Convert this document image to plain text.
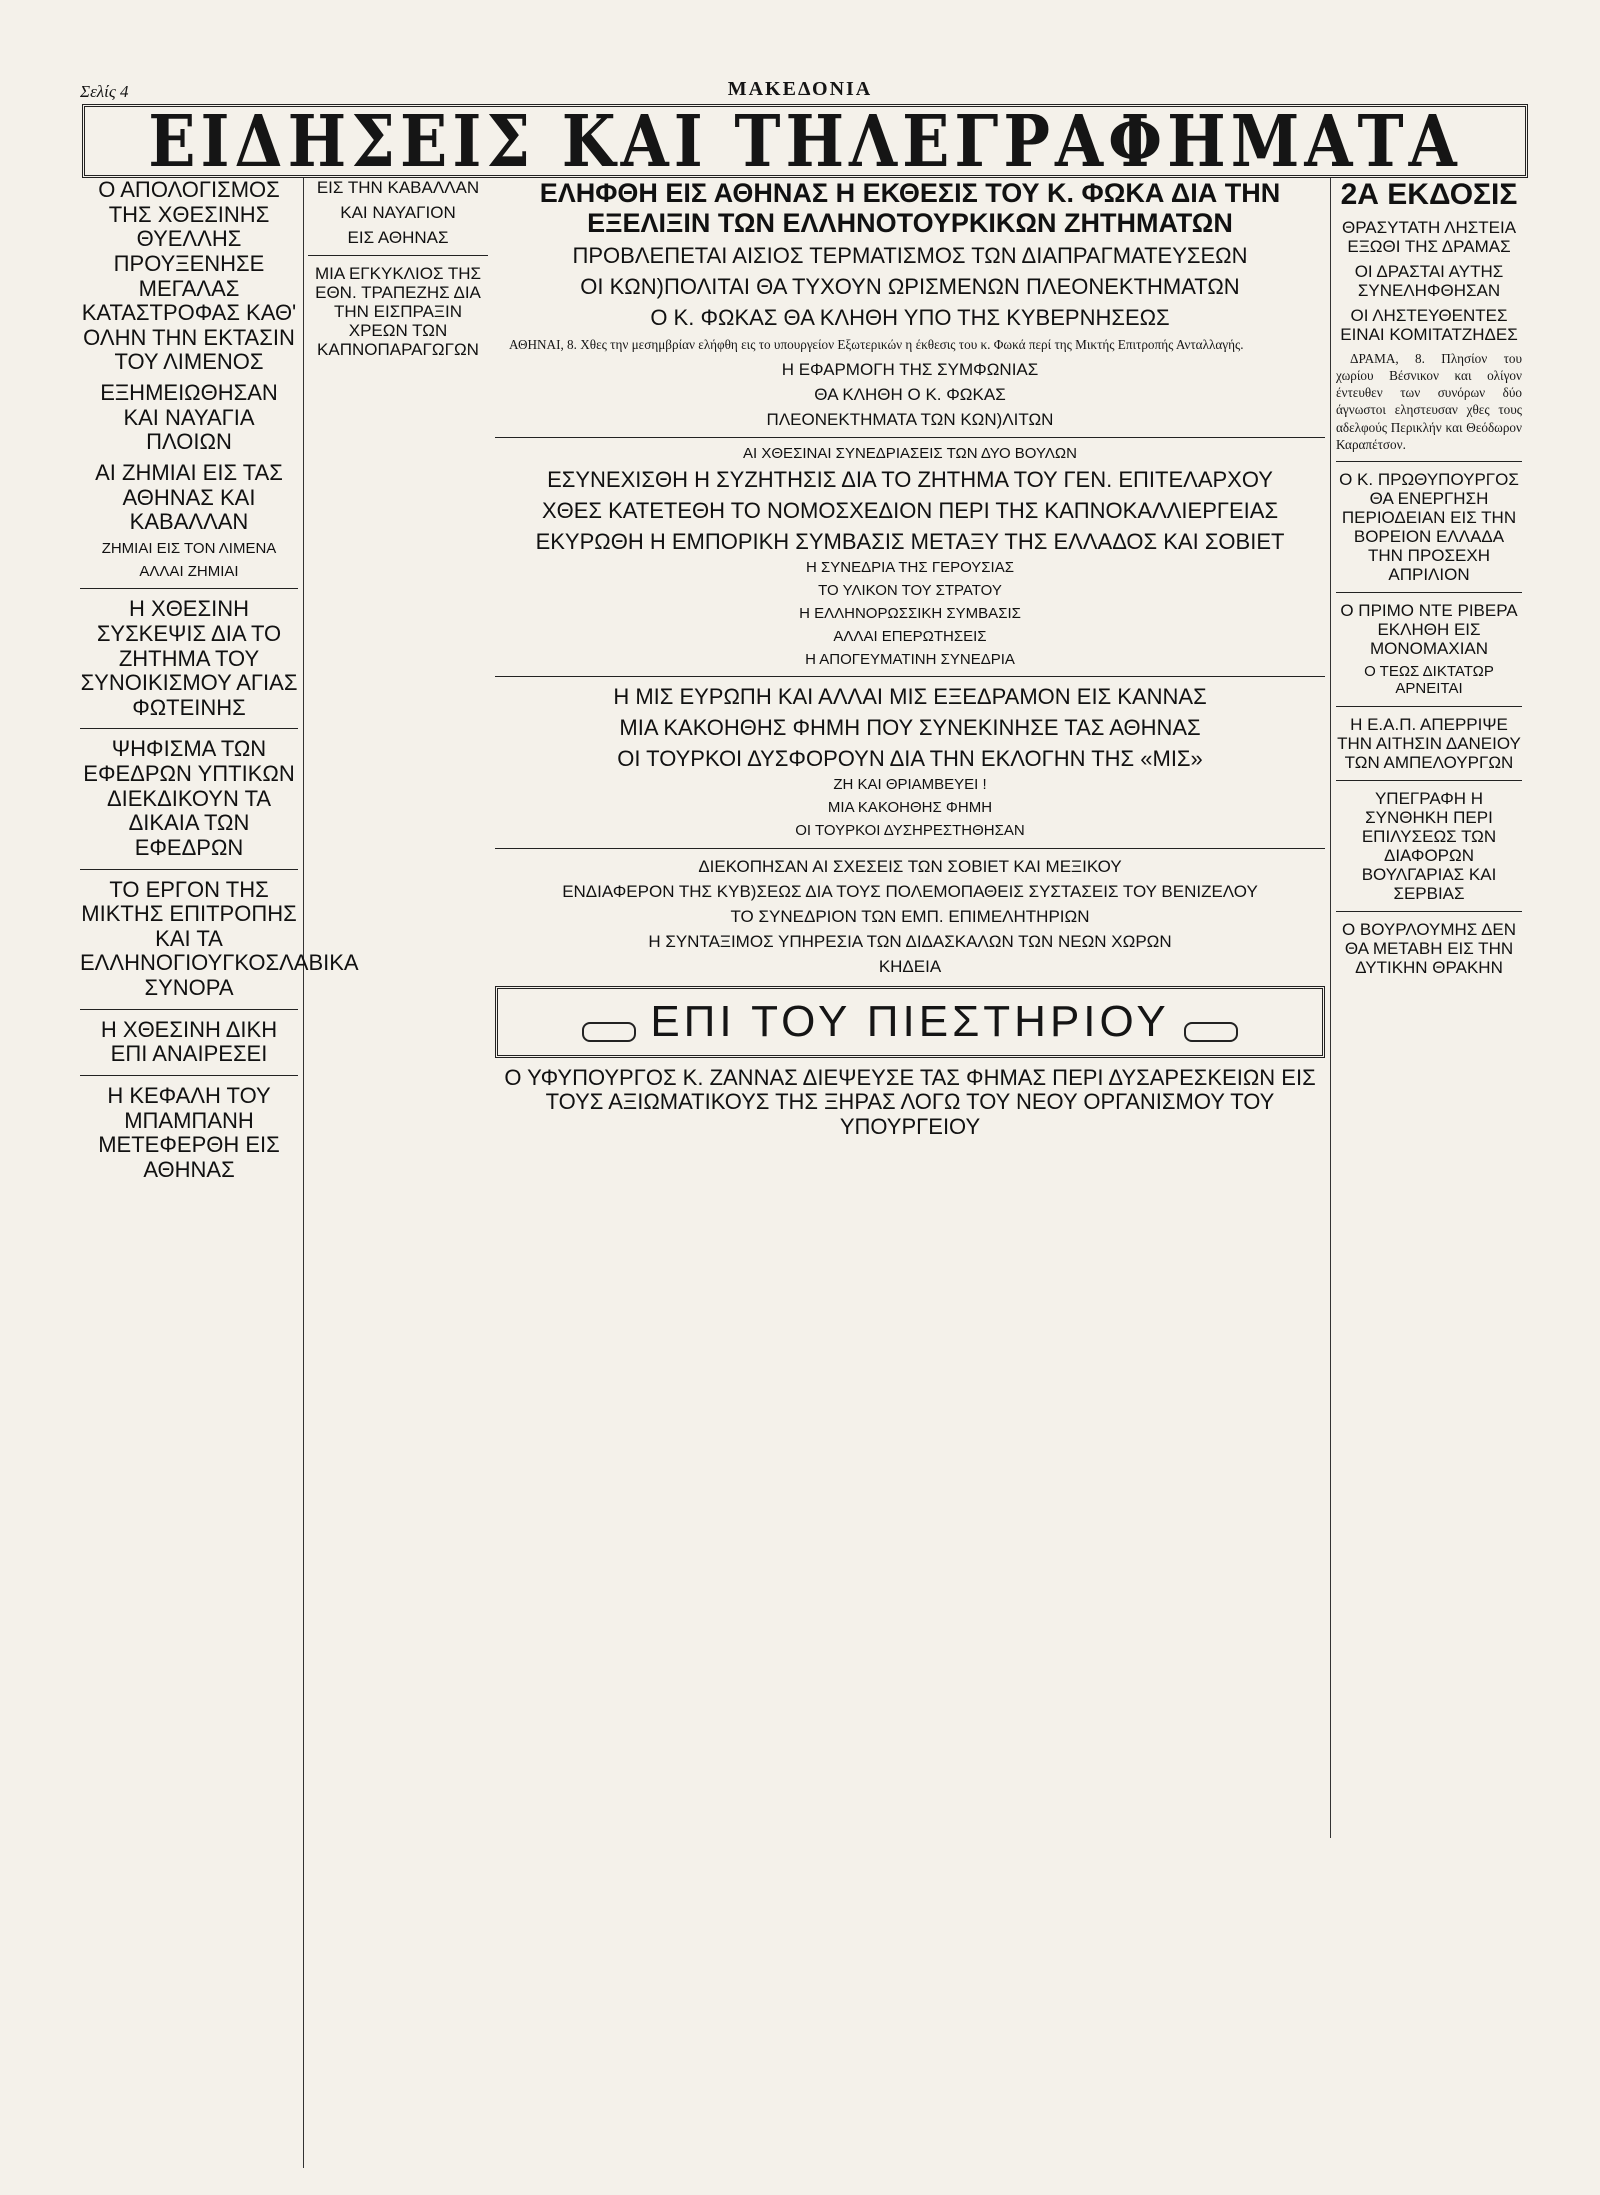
Σελίς 4	ΜΑΚΕΔΟΝΙΑ
ΕΙΔΗΣΕΙΣ ΚΑΙ ΤΗΛΕΓΡΑΦΗΜΑΤΑ
Ο ΑΠΟΛΟΓΙΣΜΟΣ ΤΗΣ ΧΘΕΣΙΝΗΣ ΘΥΕΛΛΗΣ ΠΡΟΥΞΕΝΗΣΕ ΜΕΓΑΛΑΣ ΚΑΤΑΣΤΡΟΦΑΣ ΚΑΘ' ΟΛΗΝ ΤΗΝ ΕΚΤΑΣΙΝ ΤΟΥ ΛΙΜΕΝΟΣ
ΕΞΗΜΕΙΩΘΗΣΑΝ ΚΑΙ ΝΑΥΑΓΙΑ ΠΛΟΙΩΝ
ΑΙ ΖΗΜΙΑΙ ΕΙΣ ΤΑΣ ΑΘΗΝΑΣ ΚΑΙ ΚΑΒΑΛΛΑΝ
ΖΗΜΙΑΙ ΕΙΣ ΤΟΝ ΛΙΜΕΝΑ
ΑΛΛΑΙ ΖΗΜΙΑΙ
Η ΧΘΕΣΙΝΗ ΣΥΣΚΕΨΙΣ ΔΙΑ ΤΟ ΖΗΤΗΜΑ ΤΟΥ ΣΥΝΟΙΚΙΣΜΟΥ ΑΓΙΑΣ ΦΩΤΕΙΝΗΣ
ΨΗΦΙΣΜΑ ΤΩΝ ΕΦΕΔΡΩΝ ΥΠΤΙΚΩΝ ΔΙΕΚΔΙΚΟΥΝ ΤΑ ΔΙΚΑΙΑ ΤΩΝ ΕΦΕΔΡΩΝ
ΤΟ ΕΡΓΟΝ ΤΗΣ ΜΙΚΤΗΣ ΕΠΙΤΡΟΠΗΣ ΚΑΙ ΤΑ ΕΛΛΗΝΟΓΙΟΥΓΚΟΣΛΑΒΙΚΑ ΣΥΝΟΡΑ
Η ΧΘΕΣΙΝΗ ΔΙΚΗ ΕΠΙ ΑΝΑΙΡΕΣΕΙ
Η ΚΕΦΑΛΗ ΤΟΥ ΜΠΑΜΠΑΝΗ ΜΕΤΕΦΕΡΘΗ ΕΙΣ ΑΘΗΝΑΣ
ΕΙΣ ΤΗΝ ΚΑΒΑΛΛΑΝ
ΚΑΙ ΝΑΥΑΓΙΟΝ
ΕΙΣ ΑΘΗΝΑΣ
ΜΙΑ ΕΓΚΥΚΛΙΟΣ ΤΗΣ ΕΘΝ. ΤΡΑΠΕΖΗΣ ΔΙΑ ΤΗΝ ΕΙΣΠΡΑΞΙΝ ΧΡΕΩΝ ΤΩΝ ΚΑΠΝΟΠΑΡΑΓΩΓΩΝ
ΕΛΗΦΘΗ ΕΙΣ ΑΘΗΝΑΣ Η ΕΚΘΕΣΙΣ ΤΟΥ Κ. ΦΩΚΑ ΔΙΑ ΤΗΝ ΕΞΕΛΙΞΙΝ ΤΩΝ ΕΛΛΗΝΟΤΟΥΡΚΙΚΩΝ ΖΗΤΗΜΑΤΩΝ
ΠΡΟΒΛΕΠΕΤΑΙ ΑΙΣΙΟΣ ΤΕΡΜΑΤΙΣΜΟΣ ΤΩΝ ΔΙΑΠΡΑΓΜΑΤΕΥΣΕΩΝ
ΟΙ ΚΩΝ)ΠΟΛΙΤΑΙ ΘΑ ΤΥΧΟΥΝ ΩΡΙΣΜΕΝΩΝ ΠΛΕΟΝΕΚΤΗΜΑΤΩΝ
Ο Κ. ΦΩΚΑΣ ΘΑ ΚΛΗΘΗ ΥΠΟ ΤΗΣ ΚΥΒΕΡΝΗΣΕΩΣ

ΑΘΗΝΑΙ, 8. Χθες την μεσημβρίαν ελήφθη εις το υπουργείον Εξωτερικών η έκθεσις του κ. Φωκά περί της Μικτής Επιτροπής Ανταλλαγής.

Η ΕΦΑΡΜΟΓΗ ΤΗΣ ΣΥΜΦΩΝΙΑΣ
ΘΑ ΚΛΗΘΗ Ο Κ. ΦΩΚΑΣ
ΠΛΕΟΝΕΚΤΗΜΑΤΑ ΤΩΝ ΚΩΝ)ΛΙΤΩΝ
ΑΙ ΧΘΕΣΙΝΑΙ ΣΥΝΕΔΡΙΑΣΕΙΣ ΤΩΝ ΔΥΟ ΒΟΥΛΩΝ
ΕΣΥΝΕΧΙΣΘΗ Η ΣΥΖΗΤΗΣΙΣ ΔΙΑ ΤΟ ΖΗΤΗΜΑ ΤΟΥ ΓΕΝ. ΕΠΙΤΕΛΑΡΧΟΥ
ΧΘΕΣ ΚΑΤΕΤΕΘΗ ΤΟ ΝΟΜΟΣΧΕΔΙΟΝ ΠΕΡΙ ΤΗΣ ΚΑΠΝΟΚΑΛΛΙΕΡΓΕΙΑΣ
ΕΚΥΡΩΘΗ Η ΕΜΠΟΡΙΚΗ ΣΥΜΒΑΣΙΣ ΜΕΤΑΞΥ ΤΗΣ ΕΛΛΑΔΟΣ ΚΑΙ ΣΟΒΙΕΤ
Η ΣΥΝΕΔΡΙΑ ΤΗΣ ΓΕΡΟΥΣΙΑΣ
ΤΟ ΥΛΙΚΟΝ ΤΟΥ ΣΤΡΑΤΟΥ
Η ΕΛΛΗΝΟΡΩΣΣΙΚΗ ΣΥΜΒΑΣΙΣ
ΑΛΛΑΙ ΕΠΕΡΩΤΗΣΕΙΣ
Η ΑΠΟΓΕΥΜΑΤΙΝΗ ΣΥΝΕΔΡΙΑ
Η ΜΙΣ ΕΥΡΩΠΗ ΚΑΙ ΑΛΛΑΙ ΜΙΣ ΕΞΕΔΡΑΜΟΝ ΕΙΣ ΚΑΝΝΑΣ
ΜΙΑ ΚΑΚΟΗΘΗΣ ΦΗΜΗ ΠΟΥ ΣΥΝΕΚΙΝΗΣΕ ΤΑΣ ΑΘΗΝΑΣ
ΟΙ ΤΟΥΡΚΟΙ ΔΥΣΦΟΡΟΥΝ ΔΙΑ ΤΗΝ ΕΚΛΟΓΗΝ ΤΗΣ «ΜΙΣ»
ΖΗ ΚΑΙ ΘΡΙΑΜΒΕΥΕΙ !
ΜΙΑ ΚΑΚΟΗΘΗΣ ΦΗΜΗ
ΟΙ ΤΟΥΡΚΟΙ ΔΥΣΗΡΕΣΤΗΘΗΣΑΝ
ΔΙΕΚΟΠΗΣΑΝ ΑΙ ΣΧΕΣΕΙΣ ΤΩΝ ΣΟΒΙΕΤ ΚΑΙ ΜΕΞΙΚΟΥ
ΕΝΔΙΑΦΕΡΟΝ ΤΗΣ ΚΥΒ)ΣΕΩΣ ΔΙΑ ΤΟΥΣ ΠΟΛΕΜΟΠΑΘΕΙΣ ΣΥΣΤΑΣΕΙΣ ΤΟΥ ΒΕΝΙΖΕΛΟΥ
ΤΟ ΣΥΝΕΔΡΙΟΝ ΤΩΝ ΕΜΠ. ΕΠΙΜΕΛΗΤΗΡΙΩΝ
Η ΣΥΝΤΑΞΙΜΟΣ ΥΠΗΡΕΣΙΑ ΤΩΝ ΔΙΔΑΣΚΑΛΩΝ ΤΩΝ ΝΕΩΝ ΧΩΡΩΝ
ΚΗΔΕΙΑ
ΕΠΙ ΤΟΥ ΠΙΕΣΤΗΡΙΟΥ
Ο ΥΦΥΠΟΥΡΓΟΣ Κ. ΖΑΝΝΑΣ ΔΙΕΨΕΥΣΕ ΤΑΣ ΦΗΜΑΣ ΠΕΡΙ ΔΥΣΑΡΕΣΚΕΙΩΝ ΕΙΣ ΤΟΥΣ ΑΞΙΩΜΑΤΙΚΟΥΣ ΤΗΣ ΞΗΡΑΣ ΛΟΓΩ ΤΟΥ ΝΕΟΥ ΟΡΓΑΝΙΣΜΟΥ ΤΟΥ ΥΠΟΥΡΓΕΙΟΥ
2Α ΕΚΔΟΣΙΣ
ΘΡΑΣΥΤΑΤΗ ΛΗΣΤΕΙΑ ΕΞΩΘΙ ΤΗΣ ΔΡΑΜΑΣ
ΟΙ ΔΡΑΣΤΑΙ ΑΥΤΗΣ ΣΥΝΕΛΗΦΘΗΣΑΝ
ΟΙ ΛΗΣΤΕΥΘΕΝΤΕΣ ΕΙΝΑΙ ΚΟΜΙΤΑΤΖΗΔΕΣ

ΔΡΑΜΑ, 8. Πλησίον του χωρίου Βέσνικον και ολίγον έντευθεν των συνόρων δύο άγνωστοι εληστευσαν χθες τους αδελφούς Περικλήν και Θεόδωρον Καραπέτσον.

Ο Κ. ΠΡΩΘΥΠΟΥΡΓΟΣ ΘΑ ΕΝΕΡΓΗΣΗ ΠΕΡΙΟΔΕΙΑΝ ΕΙΣ ΤΗΝ ΒΟΡΕΙΟΝ ΕΛΛΑΔΑ ΤΗΝ ΠΡΟΣΕΧΗ ΑΠΡΙΛΙΟΝ
Ο ΠΡΙΜΟ ΝΤΕ ΡΙΒΕΡΑ ΕΚΛΗΘΗ ΕΙΣ ΜΟΝΟΜΑΧΙΑΝ
Ο ΤΕΩΣ ΔΙΚΤΑΤΩΡ ΑΡΝΕΙΤΑΙ
Η Ε.Α.Π. ΑΠΕΡΡΙΨΕ ΤΗΝ ΑΙΤΗΣΙΝ ΔΑΝΕΙΟΥ ΤΩΝ ΑΜΠΕΛΟΥΡΓΩΝ
ΥΠΕΓΡΑΦΗ Η ΣΥΝΘΗΚΗ ΠΕΡΙ ΕΠΙΛΥΣΕΩΣ ΤΩΝ ΔΙΑΦΟΡΩΝ ΒΟΥΛΓΑΡΙΑΣ ΚΑΙ ΣΕΡΒΙΑΣ
Ο ΒΟΥΡΛΟΥΜΗΣ ΔΕΝ ΘΑ ΜΕΤΑΒΗ ΕΙΣ ΤΗΝ ΔΥΤΙΚΗΝ ΘΡΑΚΗΝ
